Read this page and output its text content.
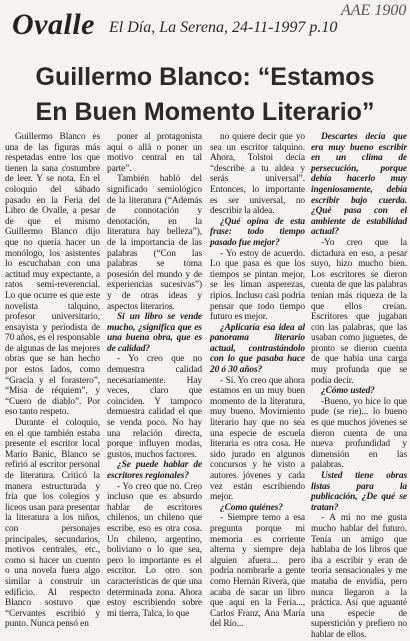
Ovalle El Día, La Serena, 24-11-1997 p.10
AAE 1900
Guillermo Blanco: “Estamos
En Buen Momento Literario”

Guillermo Blanco es una de las figuras más respetadas entre los que tienen la sana costumbre de leer. Y se nota. En el coloquio del sábado pasado en la Feria del Libro de Ovalle, a pesar de que el mismo Guillermo Blanco dijo que no quería hacer un monólogo, los asistentes lo escuchaban con una actitud muy expectante, a ratos semi-reverencial. Lo que ocurre es que este novelista talquino, profesor universitario, ensayista y periodista de 70 años, es el responsable de algunas de las mejores obras que se han hecho por estos lados, como “Gracia y el forastero”, “Misa de réquiem”, y “Cuero de diablo”. Por eso tanto respeto.

Durante el coloquio, en el que también estaba presente el escritor local Mario Banic, Blanco se refirió al escritor personal de literatura. Criticó la manera estructurada y fría que los colegios y liceos usan para presentar la literatura a los niños, con personajes principales, secundarios, motivos centrales, etc., como si hacer un cuento o una novela fuera algo similar a construir un edificio. Al respecto Blanco sostuvo que “Cervantes escribió y punto. Nunca pensó en

poner al protagonista aquí o allá o poner un motivo central en tal parte”.

También habló del significado semiológico de la literatura (“Además de connotación y denotación, en la literatura hay belleza”), de la importancia de las palabras (“Con las palabras se toma posesión del mundo y de experiencias sucesivas”) y de otras ideas y aspectos literarios.

Si un libro se vende mucho, ¿significa que es una buena obra, que es de calidad?

- Yo creo que no demuestra calidad necesariamente. Hay veces, claro que coinciden. Y tampoco demuestra calidad el que se venda poco. No hay una relación directa, porque influyen modas, gustos, muchos factores.

¿Se puede hablar de escritores regionales?

- Yo creo que no. Creo incluso que es absurdo hablar de escritores chilenos, un chileno que escribe, eso es otra cosa. Un chileno, argentino, boliviano o lo que sea, pero lo importante es el escritor. Lo otro son características de que una determinada zona. Ahora estoy escribiendo sobre mi tierra, Talca, lo que

no quiere decir que yo sea un escritor talquino. Ahora, Tolstoi decía “describe a tu aldea y serás universal”. Entonces, lo importante es ser universal, no describir la aldea.

¿Qué opina de esta frase: todo tiempo pasado fue mejor?

- Yo estoy de acuerdo. Lo que pasa es que los tiempos se pintan mejor, se les liman asperezas, ripios. Incluso casi podría pensar que todo tiempo futuro es mejor.

¿Aplicaría esa idea al panorama literario actual, contrastándolo con lo que pasaba hace 20 ó 30 años?

- Sí. Yo creo que ahora estamos en un muy buen momento de la literatura, muy bueno. Movimiento literario hay que no sea una especie de escuela literaria es otra cosa. He sido jurado en algunos concursos y he visto a autores jóvenes y cada vez están escribiendo mejor.

¿Como quiénes?

- Siempre temo a esa pregunta porque mi memoria es corriente alterna y siempre deja alguien afuera... pero podría nombrarle a gente como Hernán Rivera, que acaba de sacar un libro que aquí en la Feria..., Carlos Franz, Ana María del Río...

Descartes decía que era muy bueno escribir en un clima de persecución, porque debía hacerlo muy ingeniosamente, debía escribir bajo cuerda. ¿Qué pasa con el ambiente de estabilidad actual?

-Yo creo que la dictadura en eso, a pesar suyo, hizo mucho bien. Los escritores se dieron cuenta de que las palabras tenían más riqueza de la que ellos creían. Escritores que jugaban con las palabras, que las usaban como juguetes, de pronto se dieron cuenta de que había una carga muy profunda que se podía decir.

¿Cómo usted?

-Bueno, yo hice lo que pude (se ríe)... lo bueno es que muchos jóvenes se dieron cuenta de una nueva profundidad y dimensión en las palabras.

Usted tiene obras listas para la publicación, ¿De qué se tratan?

- A mí no me gusta mucho hablar del futuro. Tenía un amigo que hablaba de los libros que iba a escribir y eran de teoría sensacionales y me mataba de envidia, pero nunca llegaron a la práctica. Así que aguanté una especie de superstición y prefiero no hablar de ellos.
